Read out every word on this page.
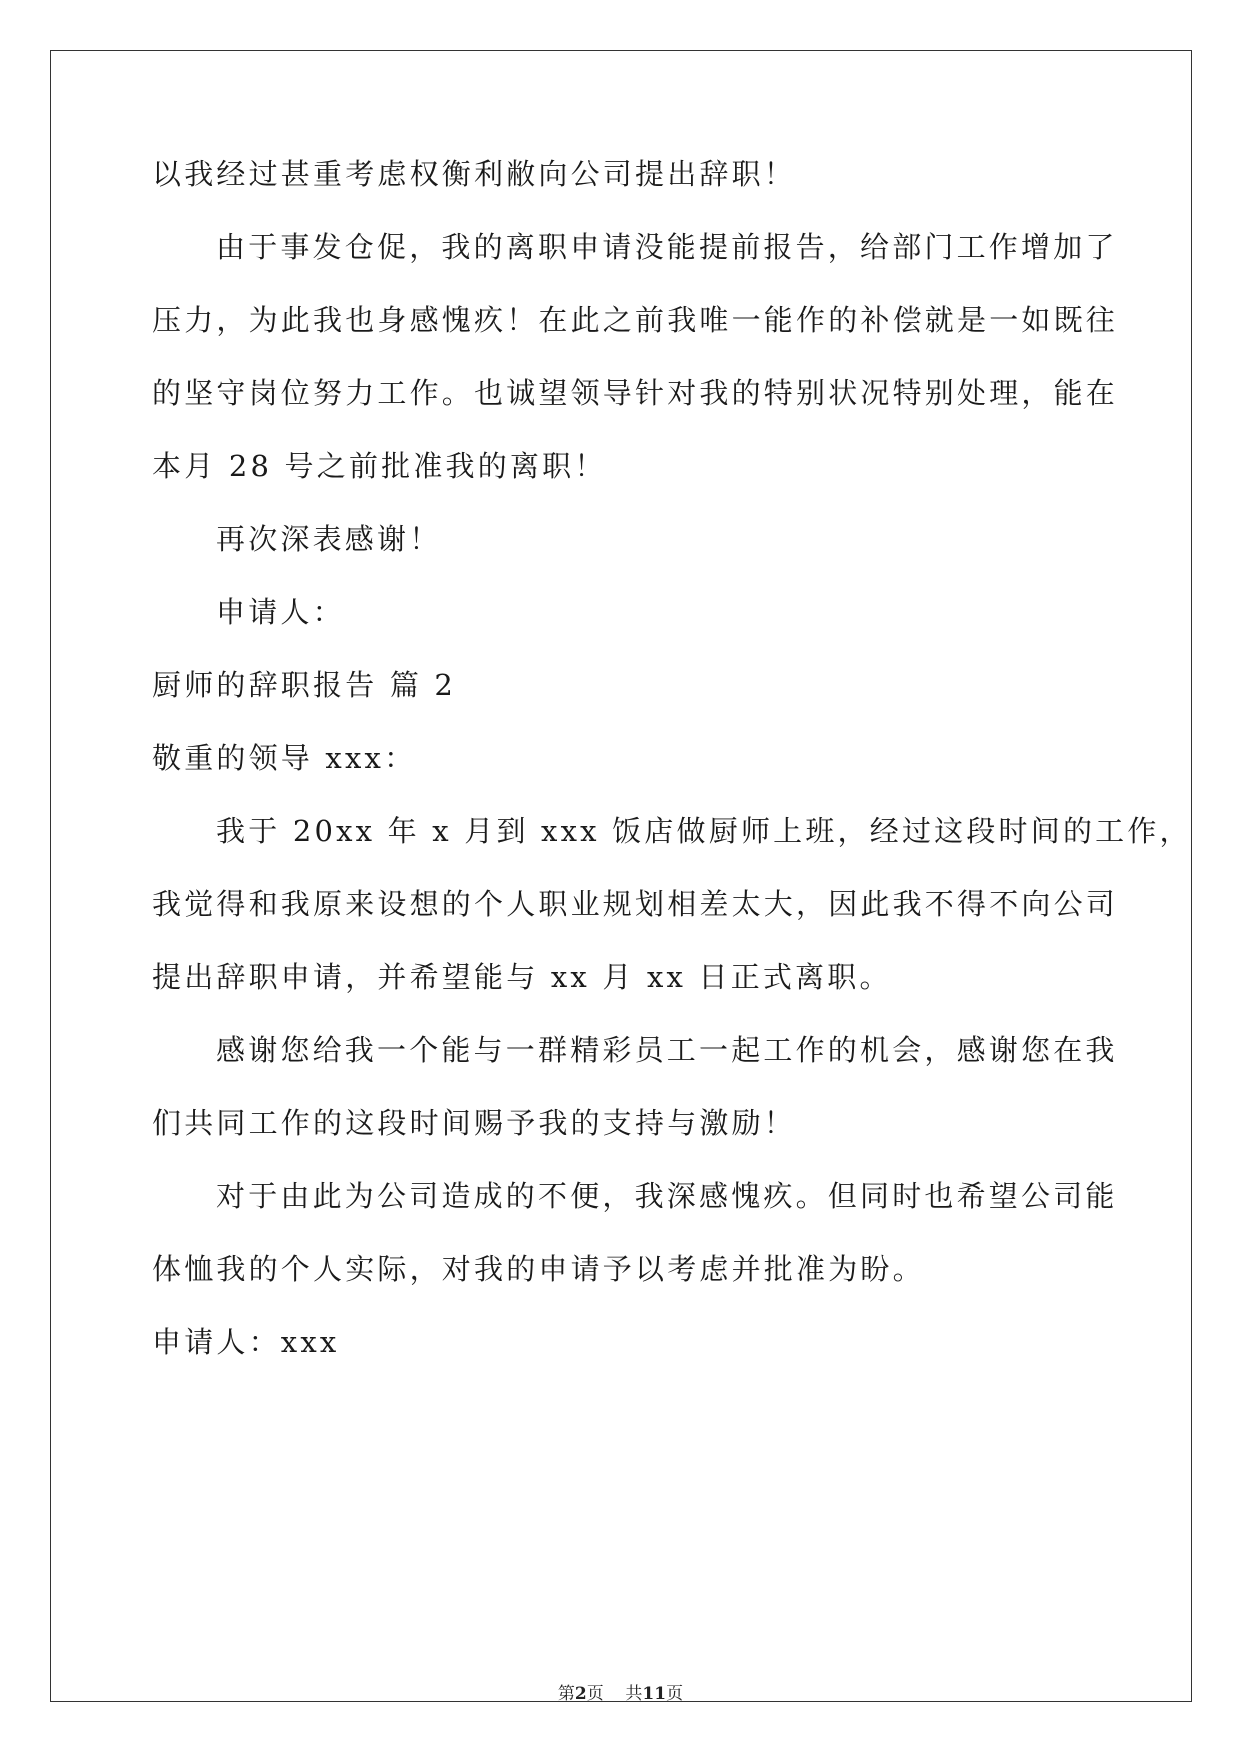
以我经过甚重考虑权衡利敝向公司提出辞职！
由于事发仓促，我的离职申请没能提前报告，给部门工作增加了
压力，为此我也身感愧疚！在此之前我唯一能作的补偿就是一如既往
的坚守岗位努力工作。也诚望领导针对我的特别状况特别处理，能在
本月 28 号之前批准我的离职！
再次深表感谢！
申请人：
厨师的辞职报告 篇 2
敬重的领导 xxx：
我于 20xx 年 x 月到 xxx 饭店做厨师上班，经过这段时间的工作，
我觉得和我原来设想的个人职业规划相差太大，因此我不得不向公司
提出辞职申请，并希望能与 xx 月 xx 日正式离职。
感谢您给我一个能与一群精彩员工一起工作的机会，感谢您在我
们共同工作的这段时间赐予我的支持与激励！
对于由此为公司造成的不便，我深感愧疚。但同时也希望公司能
体恤我的个人实际，对我的申请予以考虑并批准为盼。
申请人：xxx
第2页 共11页
